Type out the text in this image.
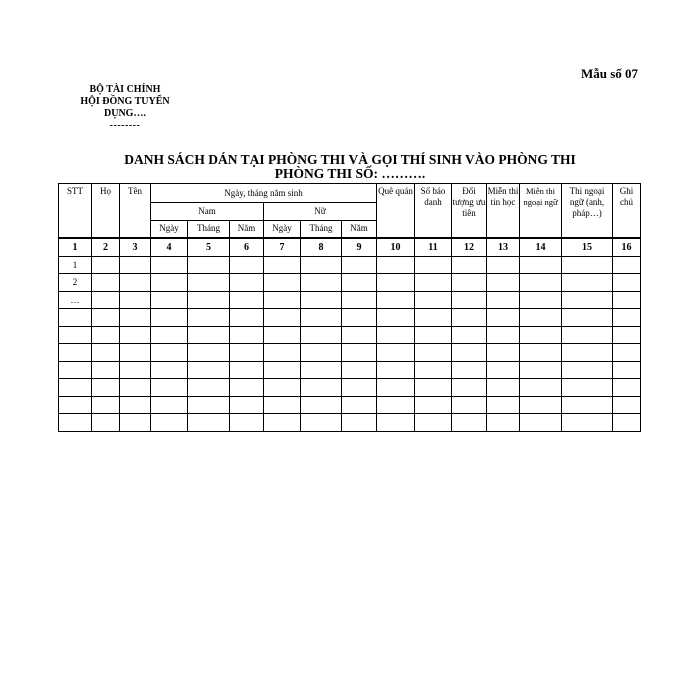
Mẫu số 07
BỘ TÀI CHÍNH
HỘI ĐỒNG TUYỂN
DỤNG….
--------
DANH SÁCH DÁN TẠI PHÒNG THI VÀ GỌI THÍ SINH VÀO PHÒNG THI
PHÒNG THI SỐ: ……….
STT	Họ	Tên	Ngày, tháng năm sinh						Quê quán	Số báo danh	Đối tượng ưu tiên	Miễn thi tin học	Miễn thi ngoại ngữ	Thi ngoại ngữ (anh, pháp…)	Ghi chú
			Nam			Nữ									
			Ngày	Tháng	Năm	Ngày	Tháng	Năm							
1	2	3	4	5	6	7	8	9	10	11	12	13	14	15	16
1															
2															
…															
